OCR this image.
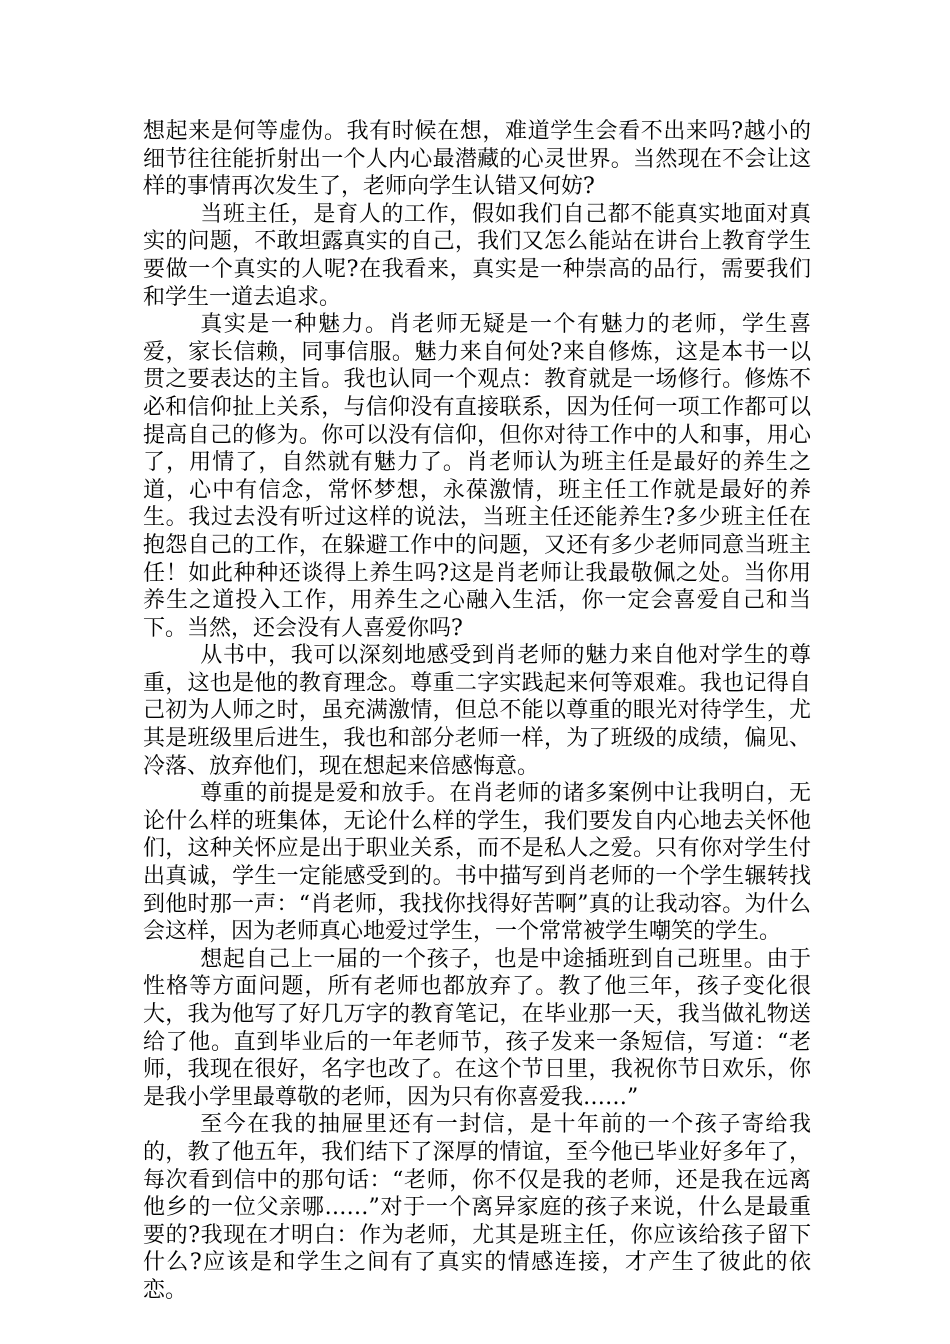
想起来是何等虚伪。我有时候在想，难道学生会看不出来吗?越小的细节往往能折射出一个人内心最潜藏的心灵世界。当然现在不会让这样的事情再次发生了，老师向学生认错又何妨?

当班主任，是育人的工作，假如我们自己都不能真实地面对真实的问题，不敢坦露真实的自己，我们又怎么能站在讲台上教育学生要做一个真实的人呢?在我看来，真实是一种崇高的品行，需要我们和学生一道去追求。

真实是一种魅力。肖老师无疑是一个有魅力的老师，学生喜爱，家长信赖，同事信服。魅力来自何处?来自修炼，这是本书一以贯之要表达的主旨。我也认同一个观点：教育就是一场修行。修炼不必和信仰扯上关系，与信仰没有直接联系，因为任何一项工作都可以提高自己的修为。你可以没有信仰，但你对待工作中的人和事，用心了，用情了，自然就有魅力了。肖老师认为班主任是最好的养生之道，心中有信念，常怀梦想，永葆激情，班主任工作就是最好的养生。我过去没有听过这样的说法，当班主任还能养生?多少班主任在抱怨自己的工作，在躲避工作中的问题，又还有多少老师同意当班主任！如此种种还谈得上养生吗?这是肖老师让我最敬佩之处。当你用养生之道投入工作，用养生之心融入生活，你一定会喜爱自己和当下。当然，还会没有人喜爱你吗?

从书中，我可以深刻地感受到肖老师的魅力来自他对学生的尊重，这也是他的教育理念。尊重二字实践起来何等艰难。我也记得自己初为人师之时，虽充满激情，但总不能以尊重的眼光对待学生，尤其是班级里后进生，我也和部分老师一样，为了班级的成绩，偏见、冷落、放弃他们，现在想起来倍感悔意。

尊重的前提是爱和放手。在肖老师的诸多案例中让我明白，无论什么样的班集体，无论什么样的学生，我们要发自内心地去关怀他们，这种关怀应是出于职业关系，而不是私人之爱。只有你对学生付出真诚，学生一定能感受到的。书中描写到肖老师的一个学生辗转找到他时那一声：“肖老师，我找你找得好苦啊”真的让我动容。为什么会这样，因为老师真心地爱过学生，一个常常被学生嘲笑的学生。

想起自己上一届的一个孩子，也是中途插班到自己班里。由于性格等方面问题，所有老师也都放弃了。教了他三年，孩子变化很大，我为他写了好几万字的教育笔记，在毕业那一天，我当做礼物送给了他。直到毕业后的一年老师节，孩子发来一条短信，写道：“老师，我现在很好，名字也改了。在这个节日里，我祝你节日欢乐，你是我小学里最尊敬的老师，因为只有你喜爱我……”

至今在我的抽屉里还有一封信，是十年前的一个孩子寄给我的，教了他五年，我们结下了深厚的情谊，至今他已毕业好多年了，每次看到信中的那句话：“老师，你不仅是我的老师，还是我在远离他乡的一位父亲哪……”对于一个离异家庭的孩子来说，什么是最重要的?我现在才明白：作为老师，尤其是班主任，你应该给孩子留下什么?应该是和学生之间有了真实的情感连接，才产生了彼此的依恋。
